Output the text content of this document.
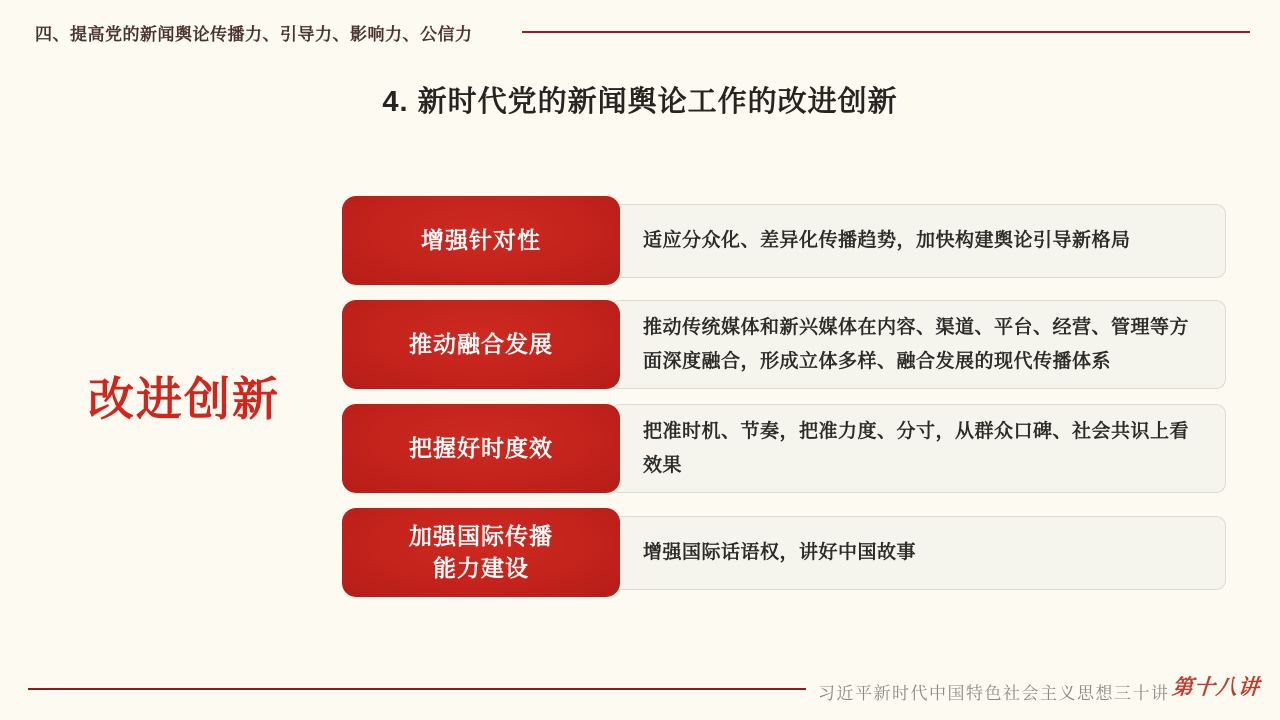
四、提高党的新闻舆论传播力、引导力、影响力、公信力
4. 新时代党的新闻舆论工作的改进创新
改进创新
增强针对性	适应分众化、差异化传播趋势，加快构建舆论引导新格局
推动融合发展
推动传统媒体和新兴媒体在内容、渠道、平台、经营、管理等方面深度融合，形成立体多样、融合发展的现代传播体系
把握好时度效
把准时机、节奏，把准力度、分寸，从群众口碑、社会共识上看效果
加强国际传播
能力建设
增强国际话语权，讲好中国故事
习近平新时代中国特色社会主义思想三十讲 第十八讲
